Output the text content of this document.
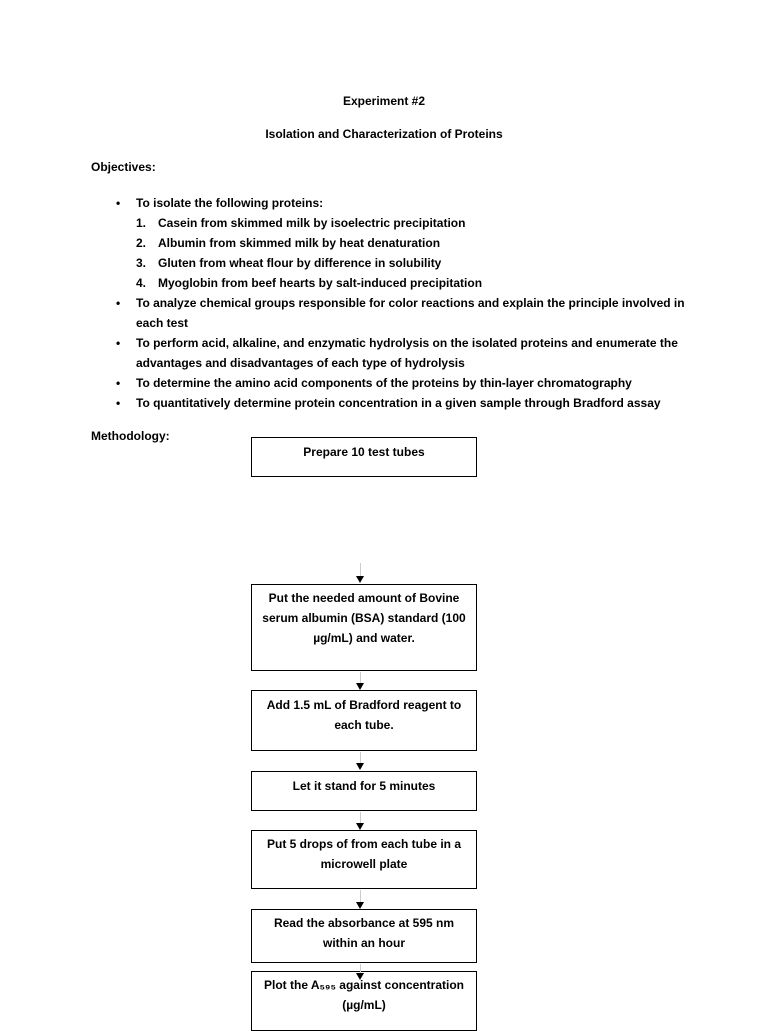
Experiment #2
Isolation and Characterization of Proteins
Objectives:
• To isolate the following proteins:
1. Casein from skimmed milk by isoelectric precipitation
2. Albumin from skimmed milk by heat denaturation
3. Gluten from wheat flour by difference in solubility
4. Myoglobin from beef hearts by salt-induced precipitation
• To analyze chemical groups responsible for color reactions and explain the principle involved in each test
• To perform acid, alkaline, and enzymatic hydrolysis on the isolated proteins and enumerate the advantages and disadvantages of each type of hydrolysis
• To determine the amino acid components of the proteins by thin-layer chromatography
• To quantitatively determine protein concentration in a given sample through Bradford assay
Methodology:
Prepare 10 test tubes
Put the needed amount of Bovine serum albumin (BSA) standard (100 µg/mL) and water.
Add 1.5 mL of Bradford reagent to each tube.
Let it stand for 5 minutes
Put 5 drops of from each tube in a microwell plate
Read the absorbance at 595 nm within an hour
Plot the A₅₉₅ against concentration (µg/mL)
